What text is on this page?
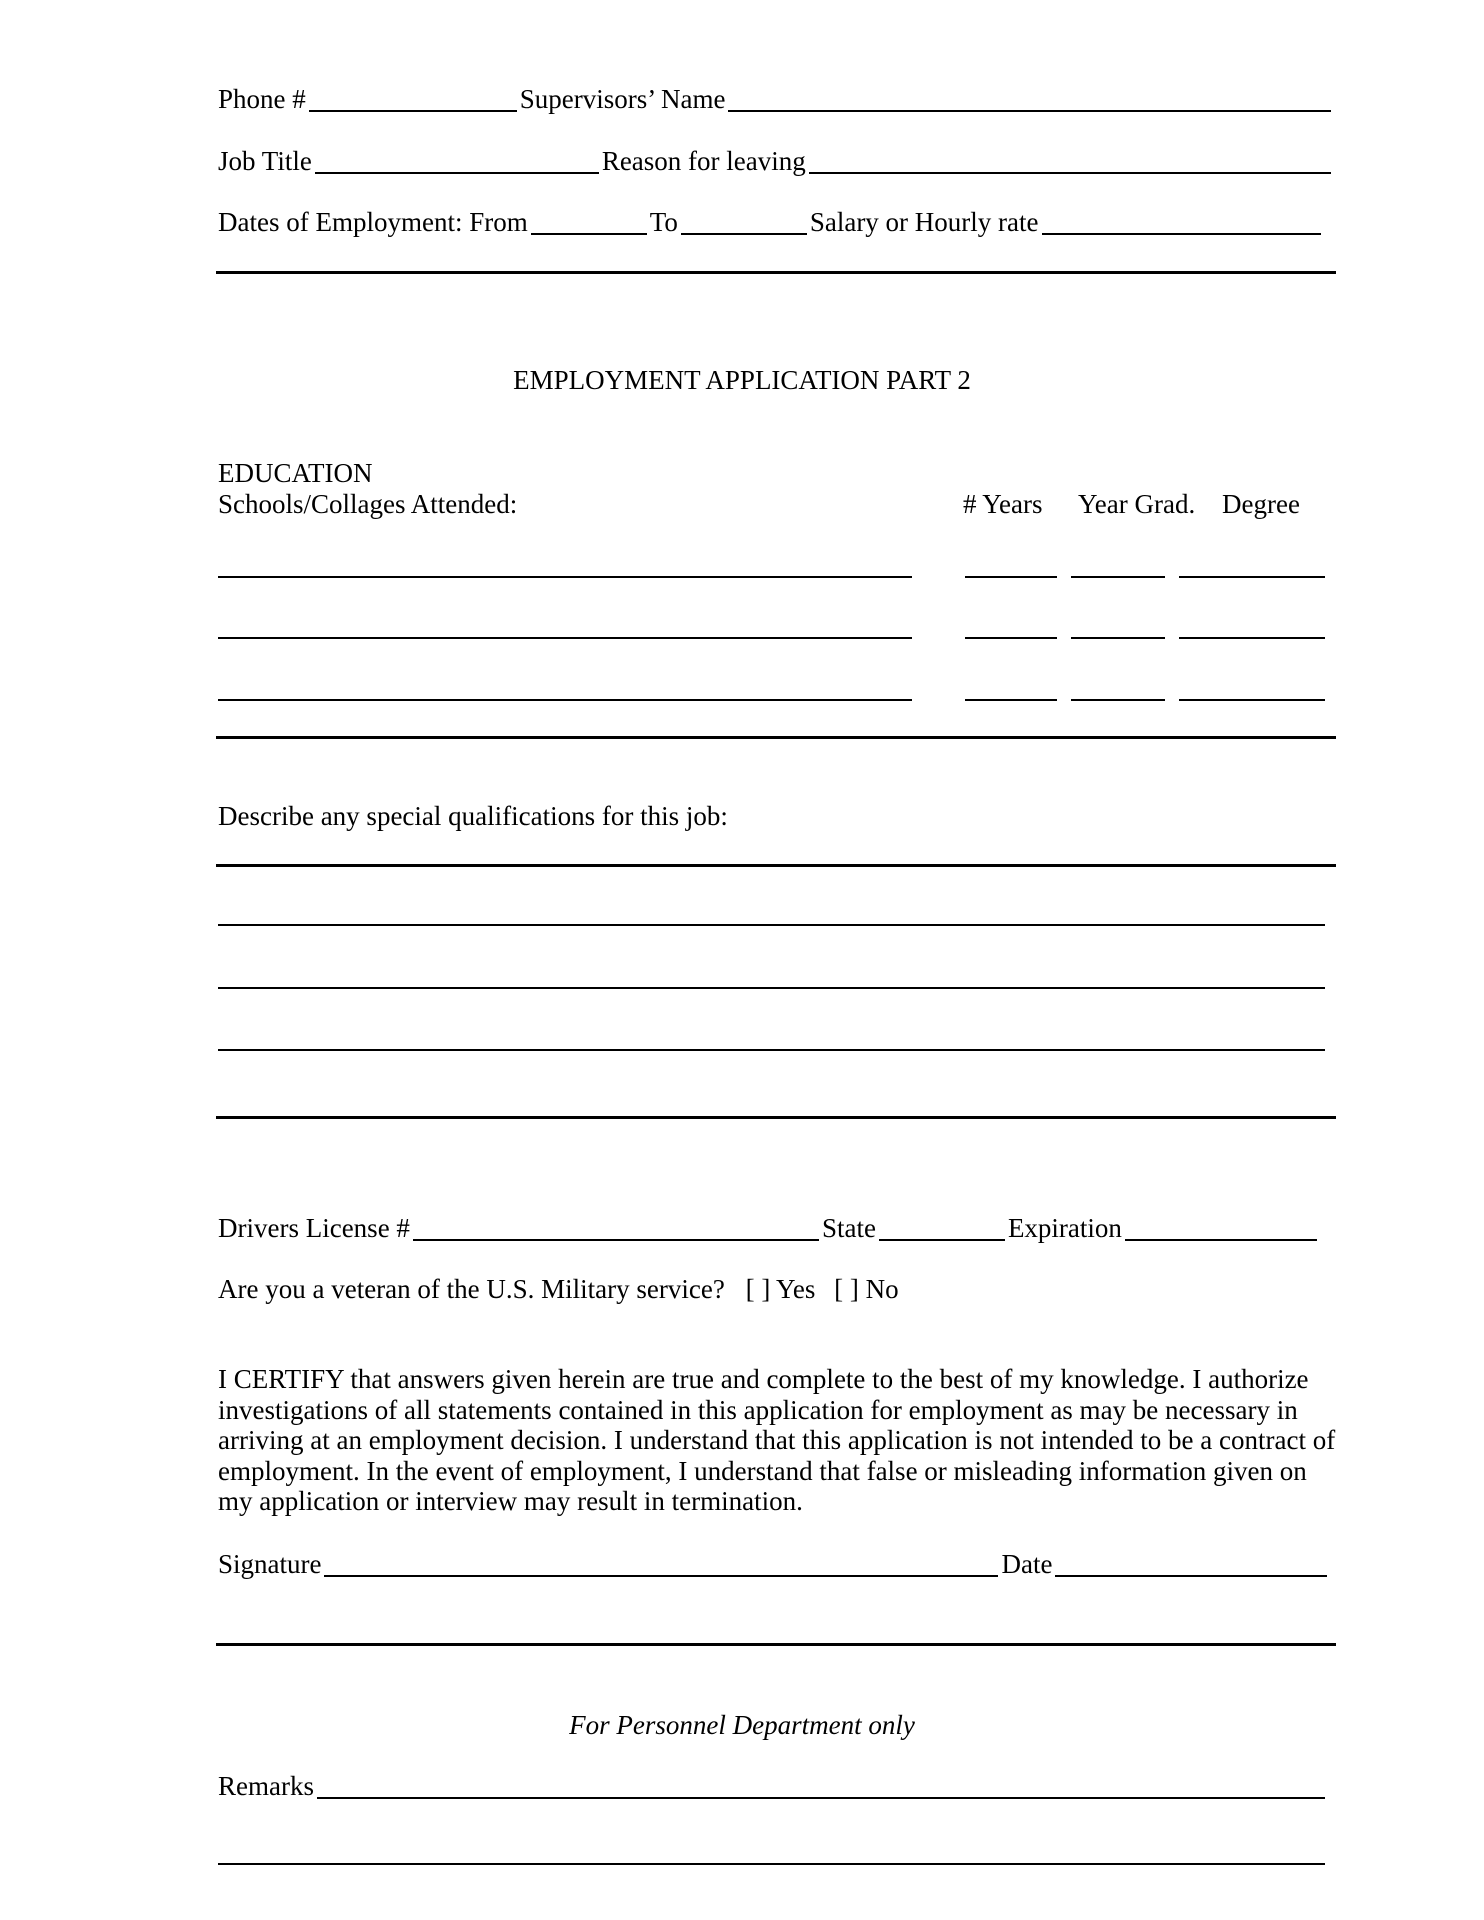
Phone #	Supervisors’ Name
Job Title	Reason for leaving
Dates of Employment: From	To	Salary or Hourly rate
EMPLOYMENT APPLICATION PART 2
EDUCATION
Schools/Collages Attended:	# Years Year Grad. Degree
Describe any special qualifications for this job:
Drivers License #	State	Expiration
Are you a veteran of the U.S. Military service? [ ] Yes [ ] No
I CERTIFY that answers given herein are true and complete to the best of my knowledge. I authorize investigations of all statements contained in this application for employment as may be necessary in arriving at an employment decision. I understand that this application is not intended to be a contract of employment. In the event of employment, I understand that false or misleading information given on my application or interview may result in termination.
Signature	Date
For Personnel Department only
Remarks
